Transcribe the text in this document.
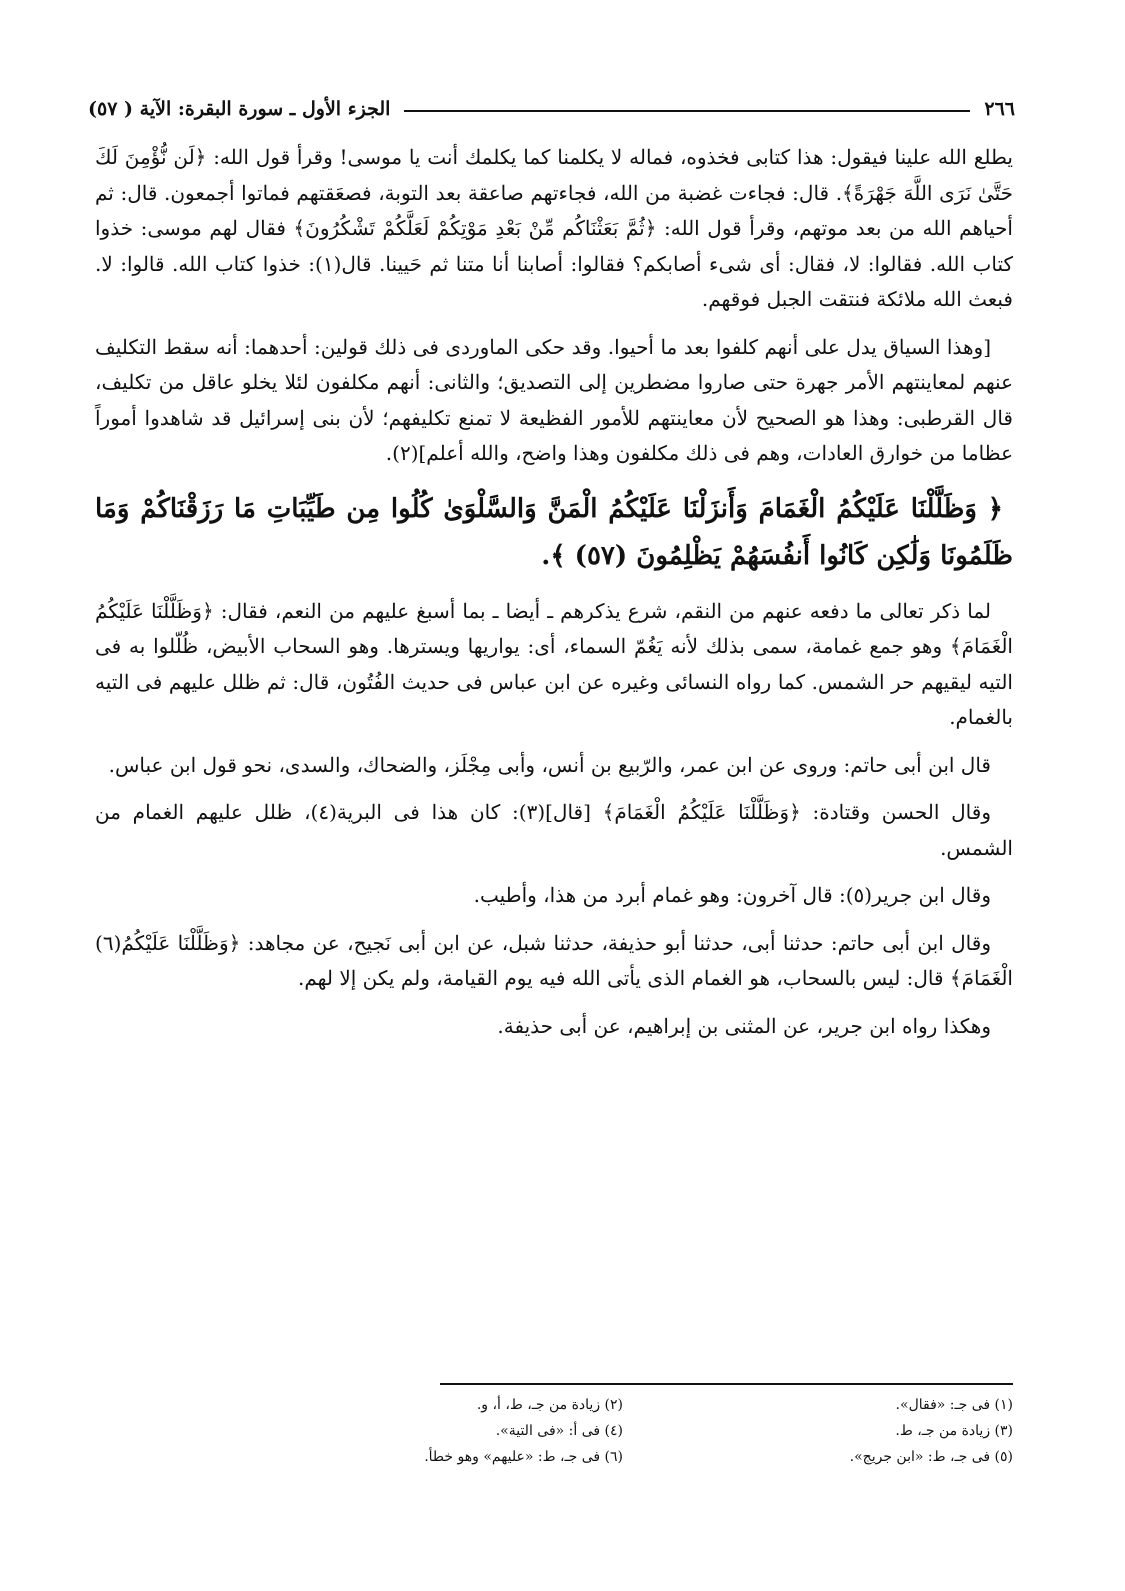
٢٦٦
الجزء الأول ـ سورة البقرة: الآية ( ٥٧)

يطلع الله علينا فيقول: هذا كتابى فخذوه، فماله لا يكلمنا كما يكلمك أنت يا موسى! وقرأ قول الله: ﴿لَن نُّؤْمِنَ لَكَ حَتَّىٰ نَرَى اللَّهَ جَهْرَةً﴾. قال: فجاءت غضبة من الله، فجاءتهم صاعقة بعد التوبة، فصعَقتهم فماتوا أجمعون. قال: ثم أحياهم الله من بعد موتهم، وقرأ قول الله: ﴿ثُمَّ بَعَثْنَاكُم مِّنْ بَعْدِ مَوْتِكُمْ لَعَلَّكُمْ تَشْكُرُونَ﴾ فقال لهم موسى: خذوا كتاب الله. فقالوا: لا، فقال: أى شىء أصابكم؟ فقالوا: أصابنا أنا متنا ثم حَيينا. قال(١): خذوا كتاب الله. قالوا: لا. فبعث الله ملائكة فنتقت الجبل فوقهم.

[وهذا السياق يدل على أنهم كلفوا بعد ما أحيوا. وقد حكى الماوردى فى ذلك قولين: أحدهما: أنه سقط التكليف عنهم لمعاينتهم الأمر جهرة حتى صاروا مضطرين إلى التصديق؛ والثانى: أنهم مكلفون لئلا يخلو عاقل من تكليف، قال القرطبى: وهذا هو الصحيح لأن معاينتهم للأمور الفظيعة لا تمنع تكليفهم؛ لأن بنى إسرائيل قد شاهدوا أموراً عظاما من خوارق العادات، وهم فى ذلك مكلفون وهذا واضح، والله أعلم](٢).

﴿ وَظَلَّلْنَا عَلَيْكُمُ الْغَمَامَ وَأَنزَلْنَا عَلَيْكُمُ الْمَنَّ وَالسَّلْوَىٰ كُلُوا مِن طَيِّبَاتِ مَا رَزَقْنَاكُمْ وَمَا ظَلَمُونَا وَلَٰكِن كَانُوا أَنفُسَهُمْ يَظْلِمُونَ (٥٧) ﴾.

لما ذكر تعالى ما دفعه عنهم من النقم، شرع يذكرهم ـ أيضا ـ بما أسبغ عليهم من النعم، فقال: ﴿وَظَلَّلْنَا عَلَيْكُمُ الْغَمَامَ﴾ وهو جمع غمامة، سمى بذلك لأنه يَغُمّ السماء، أى: يواريها ويسترها. وهو السحاب الأبيض، ظُلّلوا به فى التيه ليقيهم حر الشمس. كما رواه النسائى وغيره عن ابن عباس فى حديث الفُتُون، قال: ثم ظلل عليهم فى التيه بالغمام.

قال ابن أبى حاتم: وروى عن ابن عمر، والرّبيع بن أنس، وأبى مِجْلَز، والضحاك، والسدى، نحو قول ابن عباس.

وقال الحسن وقتادة: ﴿وَظَلَّلْنَا عَلَيْكُمُ الْغَمَامَ﴾ [قال](٣): كان هذا فى البرية(٤)، ظلل عليهم الغمام من الشمس.

وقال ابن جرير(٥): قال آخرون: وهو غمام أبرد من هذا، وأطيب.

وقال ابن أبى حاتم: حدثنا أبى، حدثنا أبو حذيفة، حدثنا شبل، عن ابن أبى نَجيح، عن مجاهد: ﴿وَظَلَّلْنَا عَلَيْكُمُ(٦) الْغَمَامَ﴾ قال: ليس بالسحاب، هو الغمام الذى يأتى الله فيه يوم القيامة، ولم يكن إلا لهم.

وهكذا رواه ابن جرير، عن المثنى بن إبراهيم، عن أبى حذيفة.

(١) فى جـ: «فقال».
(٢) زيادة من جـ، ط، أ، و.
(٣) زيادة من جـ، ط.
(٤) فى أ: «فى التية».
(٥) فى جـ، ط: «ابن جريج».
(٦) فى جـ، ط: «عليهم» وهو خطأ.
